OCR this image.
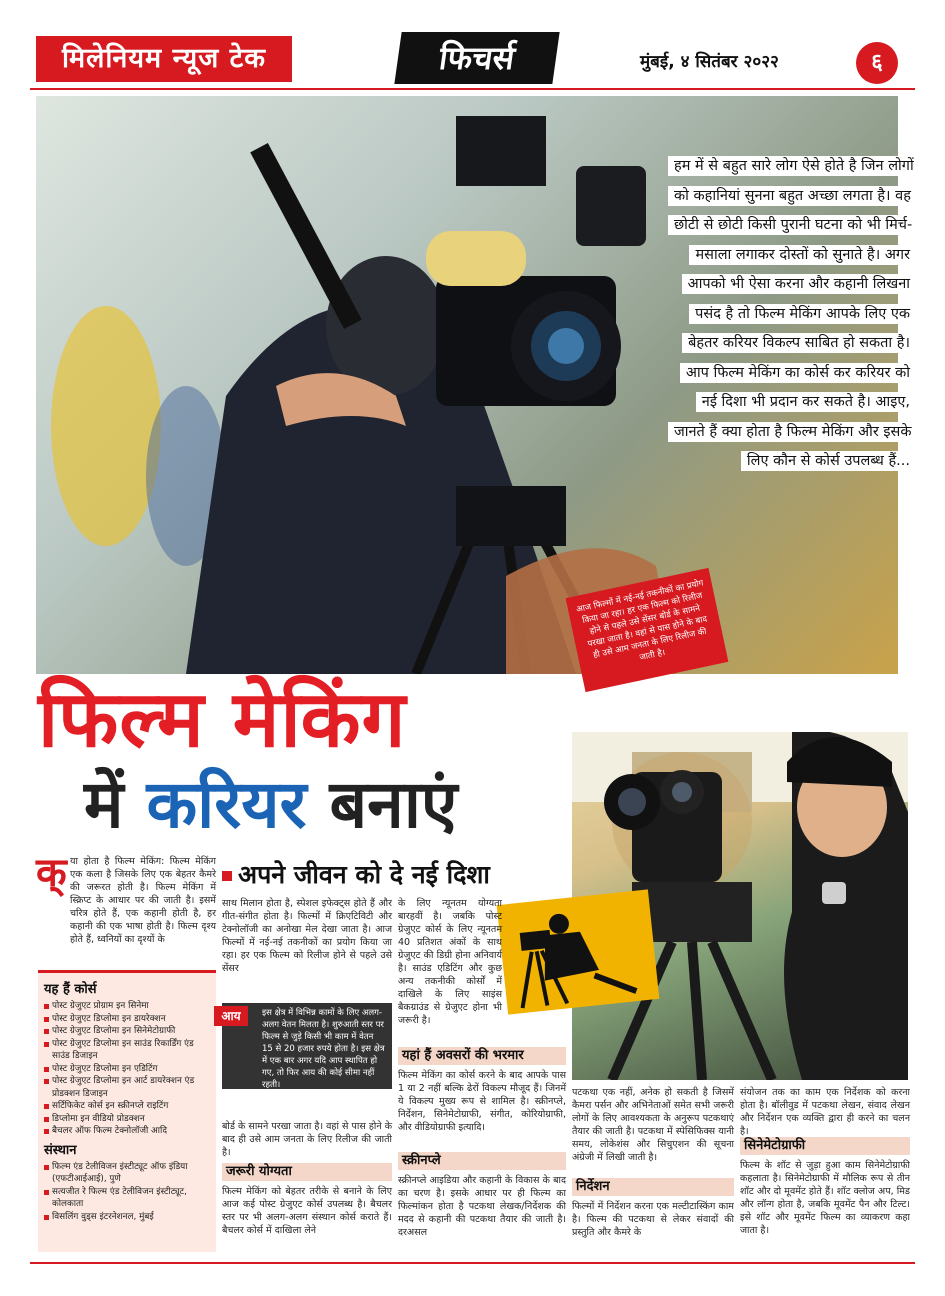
मिलेनियम न्यूज टेक	फिचर्स	मुंबई, ४ सितंबर २०२२	६
हम में से बहुत सारे लोग ऐसे होते है जिन लोगों को कहानियां सुनना बहुत अच्छा लगता है। वह छोटी से छोटी किसी पुरानी घटना को भी मिर्च-मसाला लगाकर दोस्तों को सुनाते है। अगर आपको भी ऐसा करना और कहानी लिखना पसंद है तो फिल्म मेकिंग आपके लिए एक बेहतर करियर विकल्प साबित हो सकता है। आप फिल्म मेकिंग का कोर्स कर करियर को नई दिशा भी प्रदान कर सकते है। आइए, जानते हैं क्या होता है फिल्म मेकिंग और इसके लिए कौन से कोर्स उपलब्ध हैं...
आज फिल्मों में नई-नई तकनीकों का प्रयोग किया जा रहा। हर एक फिल्म को रिलीज होने से पहले उसे सेंसर बोर्ड के सामने परखा जाता है। वहां से पास होने के बाद ही उसे आम जनता के लिए रिलीज की जाती है।
फिल्म मेकिंग
में करियर बनाएं
क् या होता है फिल्म मेकिंग: फिल्म मेकिंग एक कला है जिसके लिए एक बेहतर कैमरे की जरूरत होती है। फिल्म मेकिंग में स्क्रिप्ट के आधार पर की जाती है। इसमें चरित्र होते हैं, एक कहानी होती है, हर कहानी की एक भाषा होती है। फिल्म दृश्य होते हैं, ध्वनियों का दृश्यों के
अपने जीवन को दे नई दिशा
यह हैं कोर्स
पोस्ट ग्रेजुएट प्रोग्राम इन सिनेमा
पोस्ट ग्रेजुएट डिप्लोमा इन डायरेक्शन
पोस्ट ग्रेजुएट डिप्लोमा इन सिनेमेटोग्राफी
पोस्ट ग्रेजुएट डिप्लोमा इन साउंड रिकार्डिंग एंड साउंड डिजाइन
पोस्ट ग्रेजुएट डिप्लोमा इन एडिटिंग
पोस्ट ग्रेजुएट डिप्लोमा इन आर्ट डायरेक्शन एंड प्रोडक्शन डिजाइन
सर्टिफिकेट कोर्स इन स्क्रीनप्ले राइटिंग
डिप्लोमा इन वीडियो प्रोडक्शन
बैचलर ऑफ फिल्म टेक्नोलॉजी आदि
संस्थान
फिल्म एंड टेलीविजन इंस्टीट्यूट ऑफ इंडिया (एफटीआईआई), पुणे
सत्यजीत रे फिल्म एंड टेलीविजन इंस्टीट्यूट, कोलकाता
विसलिंग वुड्स इंटरनेशनल, मुंबई
साथ मिलान होता है, स्पेशल इफेक्ट्स होते हैं और गीत-संगीत होता है। फिल्मों में क्रिएटिविटी और टेक्नोलॉजी का अनोखा मेल देखा जाता है। आज फिल्मों में नई-नई तकनीकों का प्रयोग किया जा रहा। हर एक फिल्म को रिलीज होने से पहले उसे सेंसर
इस क्षेत्र में विभिन्न कामों के लिए अलग- अलग वेतन मिलता है। शुरुआती स्तर पर फिल्म से जुड़े किसी भी काम में वेतन 15 से 20 हजार रुपये होता है। इस क्षेत्र में एक बार अगर यदि आप स्थापित हो गए, तो फिर आय की कोई सीमा नहीं रहती।
आय
बोर्ड के सामने परखा जाता है। वहां से पास होने के बाद ही उसे आम जनता के लिए रिलीज की जाती है।
जरूरी योग्यता
फिल्म मेकिंग को बेहतर तरीके से बनाने के लिए आज कई पोस्ट ग्रेजुएट कोर्स उपलब्ध है। बैचलर स्तर पर भी अलग-अलग संस्थान कोर्स कराते हैं। बैचलर कोर्स में दाखिला लेने
के लिए न्यूनतम योग्यता बारहवीं है। जबकि पोस्ट ग्रेजुएट कोर्स के लिए न्यूनतम 40 प्रतिशत अंकों के साथ ग्रेजुएट की डिग्री होना अनिवार्य है। साउंड एडिटिंग और कुछ अन्य तकनीकी कोर्सों में दाखिले के लिए साइंस बैकग्राउंड से ग्रेजुएट होना भी जरूरी है।
यहां हैं अवसरों की भरमार
फिल्म मेकिंग का कोर्स करने के बाद आपके पास 1 या 2 नहीं बल्कि ढेरों विकल्प मौजूद हैं। जिनमें ये विकल्प मुख्य रूप से शामिल है। स्क्रीनप्ले, निर्देशन, सिनेमेटोग्राफी, संगीत, कोरियोग्राफी, और वीडियोग्राफी इत्यादि।
स्क्रीनप्ले
स्क्रीनप्ले आइडिया और कहानी के विकास के बाद का चरण है। इसके आधार पर ही फिल्म का फिल्मांकन होता है पटकथा लेखक/निर्देशक की मदद से कहानी की पटकथा तैयार की जाती है। दरअसल
पटकथा एक नहीं, अनेक हो सकती है जिसमें कैमरा पर्सन और अभिनेताओं समेत सभी जरूरी लोगों के लिए आवश्यकता के अनुरूप पटकथाएं तैयार की जाती है। पटकथा में स्पेसिफिक्स यानी समय, लोकेशंस और सिचुएशन की सूचना अंग्रेजी में लिखी जाती है।
निर्देशन
फिल्मों में निर्देशन करना एक मल्टीटास्किंग काम है। फिल्म की पटकथा से लेकर संवादों की प्रस्तुति और कैमरे के
संयोजन तक का काम एक निर्देशक को करना होता है। बॉलीवुड में पटकथा लेखन, संवाद लेखन और निर्देशन एक व्यक्ति द्वारा ही करने का चलन है।
सिनेमेटोग्राफी
फिल्म के शॉट से जुड़ा हुआ काम सिनेमेटोग्राफी कहलाता है। सिनेमेटोग्राफी में मौलिक रूप से तीन शॉट और दो मूवमेंट होते हैं। शॉट क्लोज अप, मिड और लॉन्ग होता है, जबकि मूवमेंट पैन और टिल्ट। इसे शॉट और मूवमेंट फिल्म का व्याकरण कहा जाता है।
